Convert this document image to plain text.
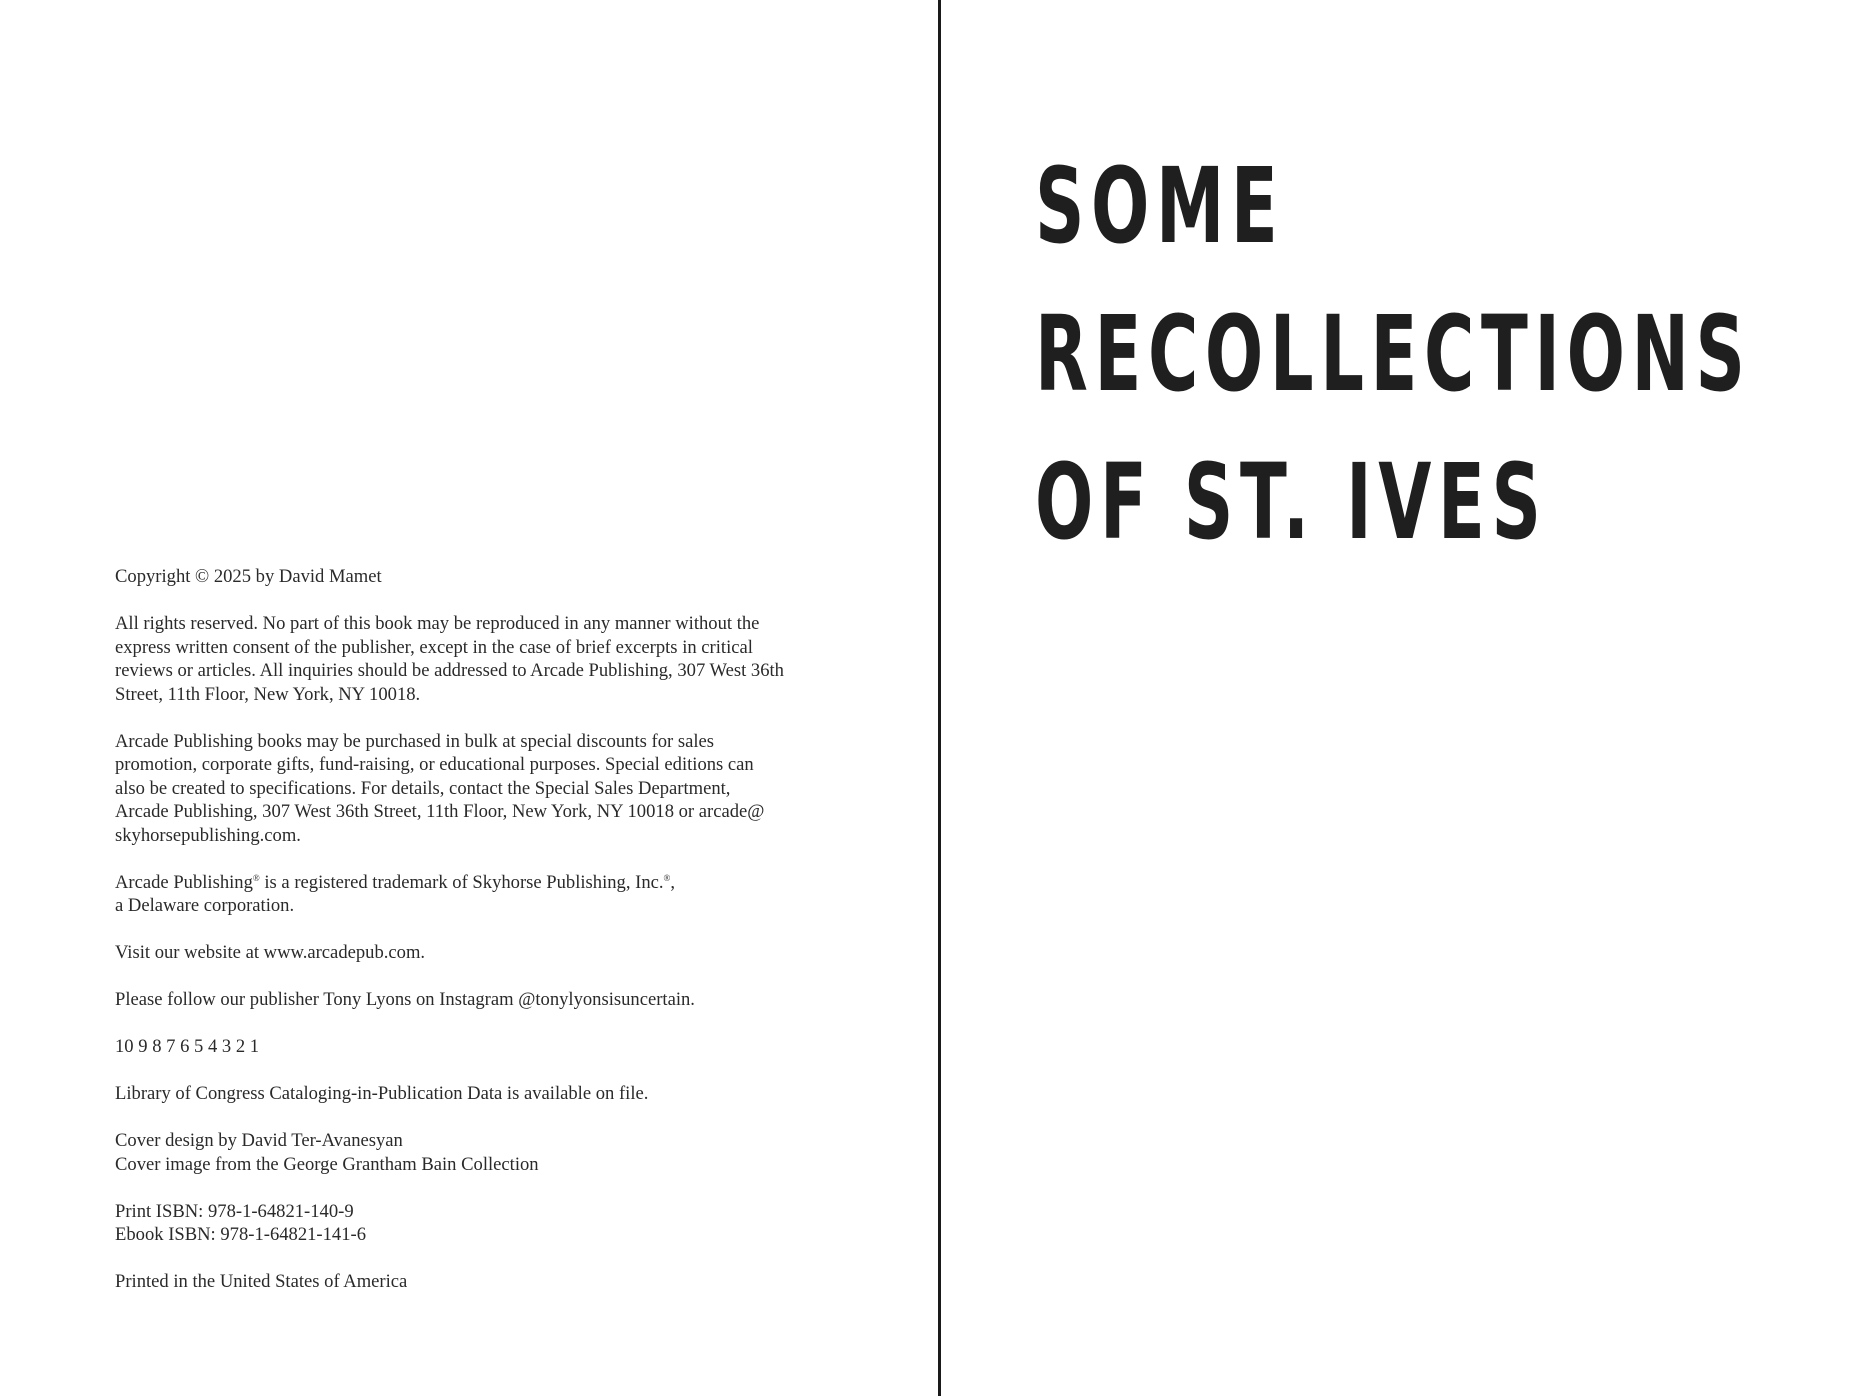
Copyright © 2025 by David Mamet

All rights reserved. No part of this book may be reproduced in any manner without the
express written consent of the publisher, except in the case of brief excerpts in critical
reviews or articles. All inquiries should be addressed to Arcade Publishing, 307 West 36th
Street, 11th Floor, New York, NY 10018.

Arcade Publishing books may be purchased in bulk at special discounts for sales
promotion, corporate gifts, fund-raising, or educational purposes. Special editions can
also be created to specifications. For details, contact the Special Sales Department,
Arcade Publishing, 307 West 36th Street, 11th Floor, New York, NY 10018 or arcade@
skyhorsepublishing.com.

Arcade Publishing® is a registered trademark of Skyhorse Publishing, Inc.®,
a Delaware corporation.

Visit our website at www.arcadepub.com.

Please follow our publisher Tony Lyons on Instagram @tonylyonsisuncertain.

10 9 8 7 6 5 4 3 2 1

Library of Congress Cataloging-in-Publication Data is available on file.

Cover design by David Ter-Avanesyan
Cover image from the George Grantham Bain Collection

Print ISBN: 978-1-64821-140-9
Ebook ISBN: 978-1-64821-141-6

Printed in the United States of America

SOME
RECOLLECTIONS
OF ST. IVES
